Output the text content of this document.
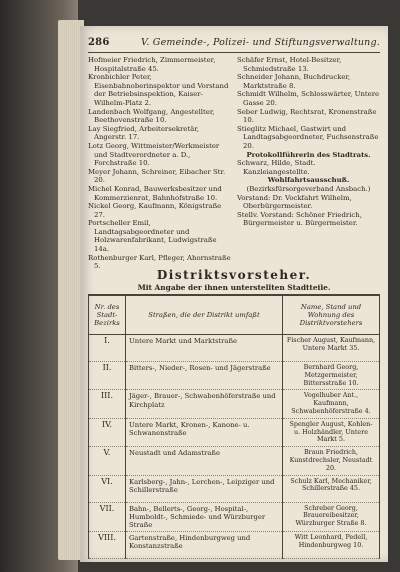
286	V. Gemeinde-, Polizei- und Stiftungsverwaltung.

Hofmeier Friedrich, Zimmermeister, Hospitalstraße 45.

Kronbichler Peter, Eisenbahnoberinspektor und Vorstand der Betriebsinspektion, Kaiser-Wilhelm-Platz 2.

Landenbach Wolfgang, Angestellter, Beethovenstraße 10.

Lay Siegfried, Arbeitersekretär, Angerstr. 17.

Lotz Georg, Wittmeister/Werkmeister und Stadtverordneter a. D., Forchstraße 10.

Meyer Johann, Schreiner, Eibacher Str. 20.

Michel Konrad, Bauwerksbesitzer und Kommerzienrat, Bahnhofstraße 10.

Nickel Georg, Kaufmann, Königstraße 27.

Portscheller Emil, Landtagsabgeordneter und Holzwarenfabrikant, Ludwigstraße 14a.

Rothenburger Karl, Pfleger, Ahornstraße 5.

Schäfer Ernst, Hotel-Besitzer, Schmiedstraße 13.

Schneider Johann, Buchdrucker, Marktstraße 8.

Schmidt Wilhelm, Schlosswärter, Untere Gasse 20.

Seber Ludwig, Rechtsrat, Kronenstraße 10.

Stieglitz Michael, Gastwirt und Landtagsabgeordneter, Fuchsenstraße 20.

Protokollführerin des Stadtrats.

Schwarz, Hilde, Stadt. Kanzleiangestellte.

Wohlfahrtsausschuß.

(Bezirksfürsorgeverband Ansbach.)

Vorstand: Dr. Vockfahrt Wilhelm, Oberbürgermeister.

Stellv. Vorstand: Schöner Friedrich, Bürgermeister u. Bürgermeister.

Distriktsvorsteher.
Mit Angabe der ihnen unterstellten Stadtteile.
Nr. des Stadt-Bezirks	Straßen, die der Distrikt umfaßt	Name, Stand und Wohnung des Distriktvorstehers
I.	Untere Markt und Marktstraße	Fischer August, Kaufmann, Untere Markt 35.
II.	Bitters-, Nieder-, Rosen- und Jägerstraße	Bernhard Georg, Metzgermeister, Bittersstraße 10.
III.	Jäger-, Brauer-, Schwabenhöferstraße und Kirchplatz	Vogelhuber Ant., Kaufmann, Schwabenhöferstraße 4.
IV.	Untere Markt, Kronen-, Kanone- u. Schwanenstraße	Spengler August, Kohlen- u. Holzhändler, Untere Markt 5.
V.	Neustadt und Adamstraße	Braun Friedrich, Kunstdrechsler, Neustadt 20.
VI.	Karlsberg-, Jahn-, Lerchen-, Leipziger und Schillerstraße	Schulz Karl, Mechaniker, Schillerstraße 45.
VII.	Bahn-, Bellerts-, Georg-, Hospital-, Humboldt-, Schmiede- und Würzburger Straße	Schreber Georg, Brauereibesitzer, Würzburger Straße 8.
VIII.	Gartenstraße, Hindenburgweg und Konstanzstraße	Witt Leonhard, Pedell, Hindenburgweg 10.
